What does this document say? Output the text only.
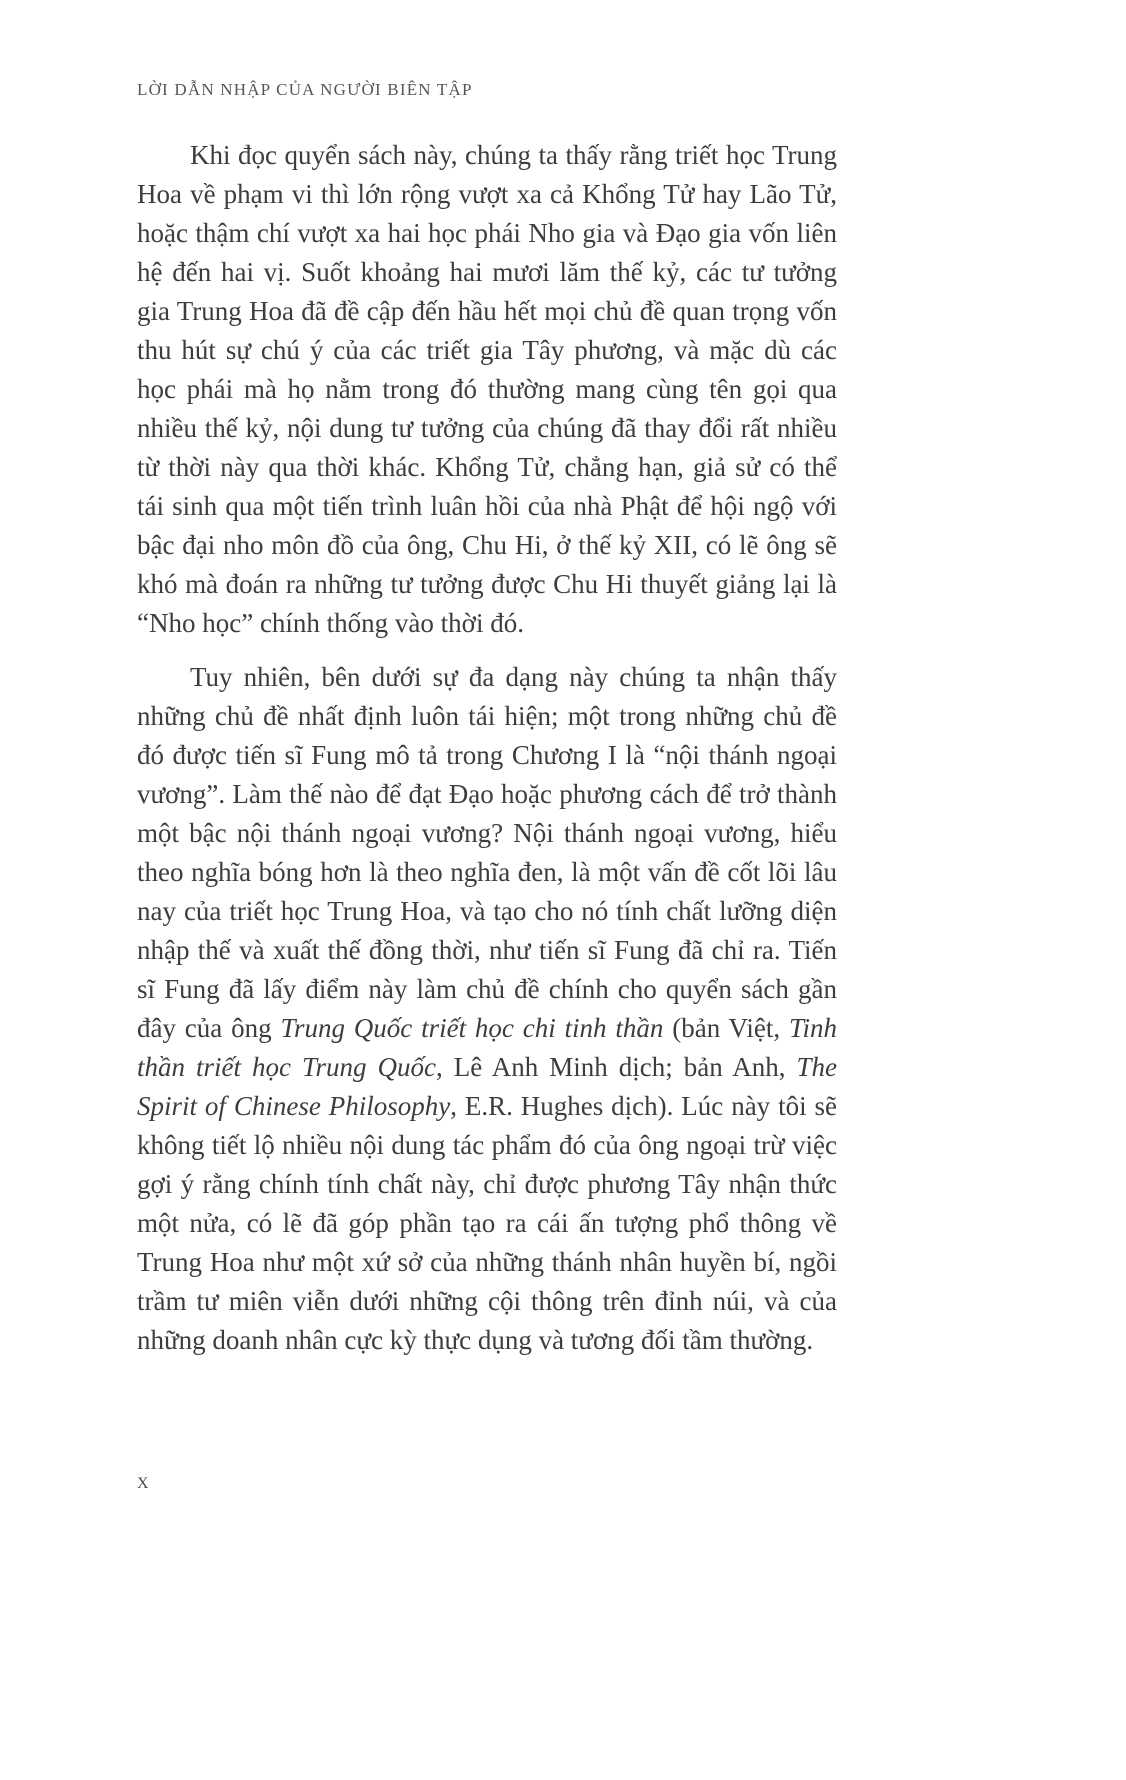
LỜI DẪN NHẬP CỦA NGƯỜI BIÊN TẬP

Khi đọc quyển sách này, chúng ta thấy rằng triết học Trung Hoa về phạm vi thì lớn rộng vượt xa cả Khổng Tử hay Lão Tử, hoặc thậm chí vượt xa hai học phái Nho gia và Đạo gia vốn liên hệ đến hai vị. Suốt khoảng hai mươi lăm thế kỷ, các tư tưởng gia Trung Hoa đã đề cập đến hầu hết mọi chủ đề quan trọng vốn thu hút sự chú ý của các triết gia Tây phương, và mặc dù các học phái mà họ nằm trong đó thường mang cùng tên gọi qua nhiều thế kỷ, nội dung tư tưởng của chúng đã thay đổi rất nhiều từ thời này qua thời khác. Khổng Tử, chẳng hạn, giả sử có thể tái sinh qua một tiến trình luân hồi của nhà Phật để hội ngộ với bậc đại nho môn đồ của ông, Chu Hi, ở thế kỷ XII, có lẽ ông sẽ khó mà đoán ra những tư tưởng được Chu Hi thuyết giảng lại là “Nho học” chính thống vào thời đó.

Tuy nhiên, bên dưới sự đa dạng này chúng ta nhận thấy những chủ đề nhất định luôn tái hiện; một trong những chủ đề đó được tiến sĩ Fung mô tả trong Chương I là “nội thánh ngoại vương”. Làm thế nào để đạt Đạo hoặc phương cách để trở thành một bậc nội thánh ngoại vương? Nội thánh ngoại vương, hiểu theo nghĩa bóng hơn là theo nghĩa đen, là một vấn đề cốt lõi lâu nay của triết học Trung Hoa, và tạo cho nó tính chất lưỡng diện nhập thế và xuất thế đồng thời, như tiến sĩ Fung đã chỉ ra. Tiến sĩ Fung đã lấy điểm này làm chủ đề chính cho quyển sách gần đây của ông Trung Quốc triết học chi tinh thần (bản Việt, Tinh thần triết học Trung Quốc, Lê Anh Minh dịch; bản Anh, The Spirit of Chinese Philosophy, E.R. Hughes dịch). Lúc này tôi sẽ không tiết lộ nhiều nội dung tác phẩm đó của ông ngoại trừ việc gợi ý rằng chính tính chất này, chỉ được phương Tây nhận thức một nửa, có lẽ đã góp phần tạo ra cái ấn tượng phổ thông về Trung Hoa như một xứ sở của những thánh nhân huyền bí, ngồi trầm tư miên viễn dưới những cội thông trên đỉnh núi, và của những doanh nhân cực kỳ thực dụng và tương đối tầm thường.

x
